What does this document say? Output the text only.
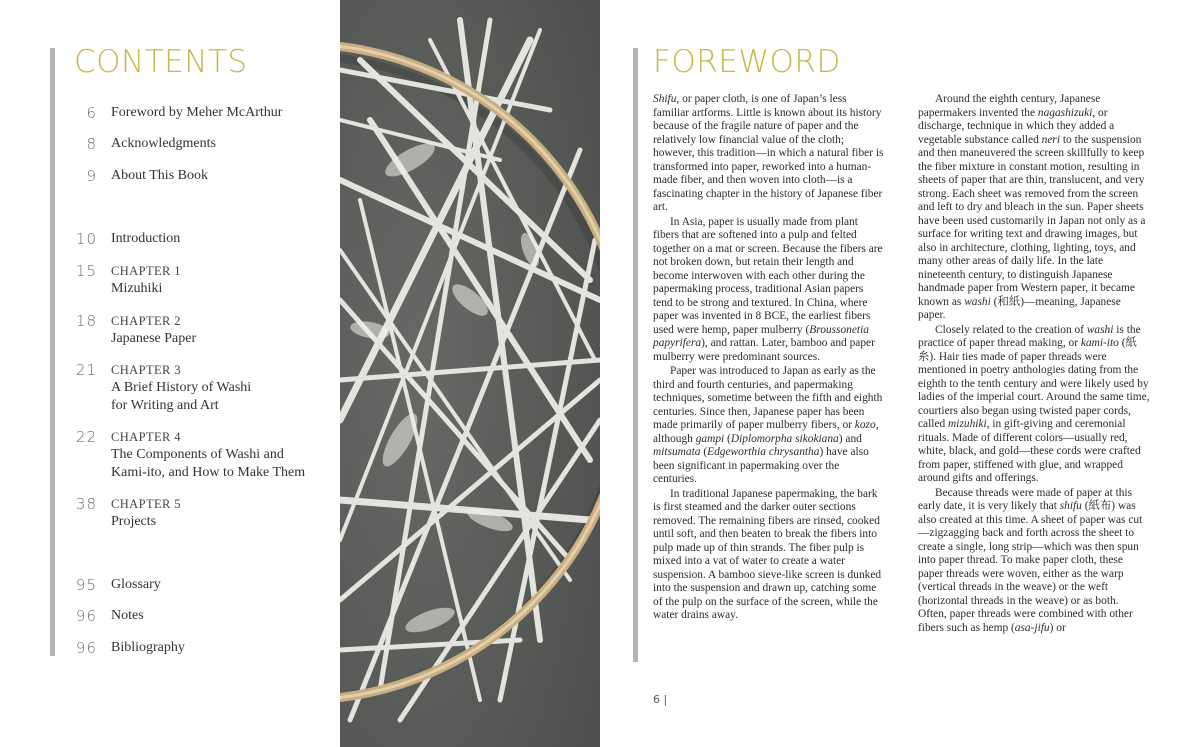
CONTENTS
6 Foreword by Meher McArthur
8 Acknowledgments
9 About This Book
10 Introduction
15 CHAPTER 1
Mizuhiki
18 CHAPTER 2
Japanese Paper
21 CHAPTER 3
A Brief History of Washi
for Writing and Art
22 CHAPTER 4
The Components of Washi and
Kami-ito, and How to Make Them
38 CHAPTER 5
Projects
95 Glossary
96 Notes
96 Bibliography
FOREWORD

Shifu, or paper cloth, is one of Japan’s less familiar artforms. Little is known about its history because of the fragile nature of paper and the relatively low financial value of the cloth; however, this tradition—in which a natural fiber is transformed into paper, reworked into a human-made fiber, and then woven into cloth—is a fascinating chapter in the history of Japanese fiber art.

In Asia, paper is usually made from plant fibers that are softened into a pulp and felted together on a mat or screen. Because the fibers are not broken down, but retain their length and become interwoven with each other during the papermaking process, traditional Asian papers tend to be strong and textured. In China, where paper was invented in 8 BCE, the earliest fibers used were hemp, paper mulberry (Broussonetia papyrifera), and rattan. Later, bamboo and paper mulberry were predominant sources.

Paper was introduced to Japan as early as the third and fourth centuries, and papermaking techniques, sometime between the fifth and eighth centuries. Since then, Japanese paper has been made primarily of paper mulberry fibers, or kozo, although gampi (Diplomorpha sikokiana) and mitsumata (Edgeworthia chrysantha) have also been significant in papermaking over the centuries.

In traditional Japanese papermaking, the bark is first steamed and the darker outer sections removed. The remaining fibers are rinsed, cooked until soft, and then beaten to break the fibers into pulp made up of thin strands. The fiber pulp is mixed into a vat of water to create a water suspension. A bamboo sieve-like screen is dunked into the suspension and drawn up, catching some of the pulp on the surface of the screen, while the water drains away.

Around the eighth century, Japanese papermakers invented the nagashizuki, or discharge, technique in which they added a vegetable substance called neri to the suspension and then maneuvered the screen skillfully to keep the fiber mixture in constant motion, resulting in sheets of paper that are thin, translucent, and very strong. Each sheet was removed from the screen and left to dry and bleach in the sun. Paper sheets have been used customarily in Japan not only as a surface for writing text and drawing images, but also in architecture, clothing, lighting, toys, and many other areas of daily life. In the late nineteenth century, to distinguish Japanese handmade paper from Western paper, it became known as washi (和紙)—meaning, Japanese paper.

Closely related to the creation of washi is the practice of paper thread making, or kami-ito (紙糸). Hair ties made of paper threads were mentioned in poetry anthologies dating from the eighth to the tenth century and were likely used by ladies of the imperial court. Around the same time, courtiers also began using twisted paper cords, called mizuhiki, in gift-giving and ceremonial rituals. Made of different colors—usually red, white, black, and gold—these cords were crafted from paper, stiffened with glue, and wrapped around gifts and offerings.

Because threads were made of paper at this early date, it is very likely that shifu (紙布) was also created at this time. A sheet of paper was cut—zigzagging back and forth across the sheet to create a single, long strip—which was then spun into paper thread. To make paper cloth, these paper threads were woven, either as the warp (vertical threads in the weave) or the weft (horizontal threads in the weave) or as both. Often, paper threads were combined with other fibers such as hemp (asa-jifu) or

6 |
